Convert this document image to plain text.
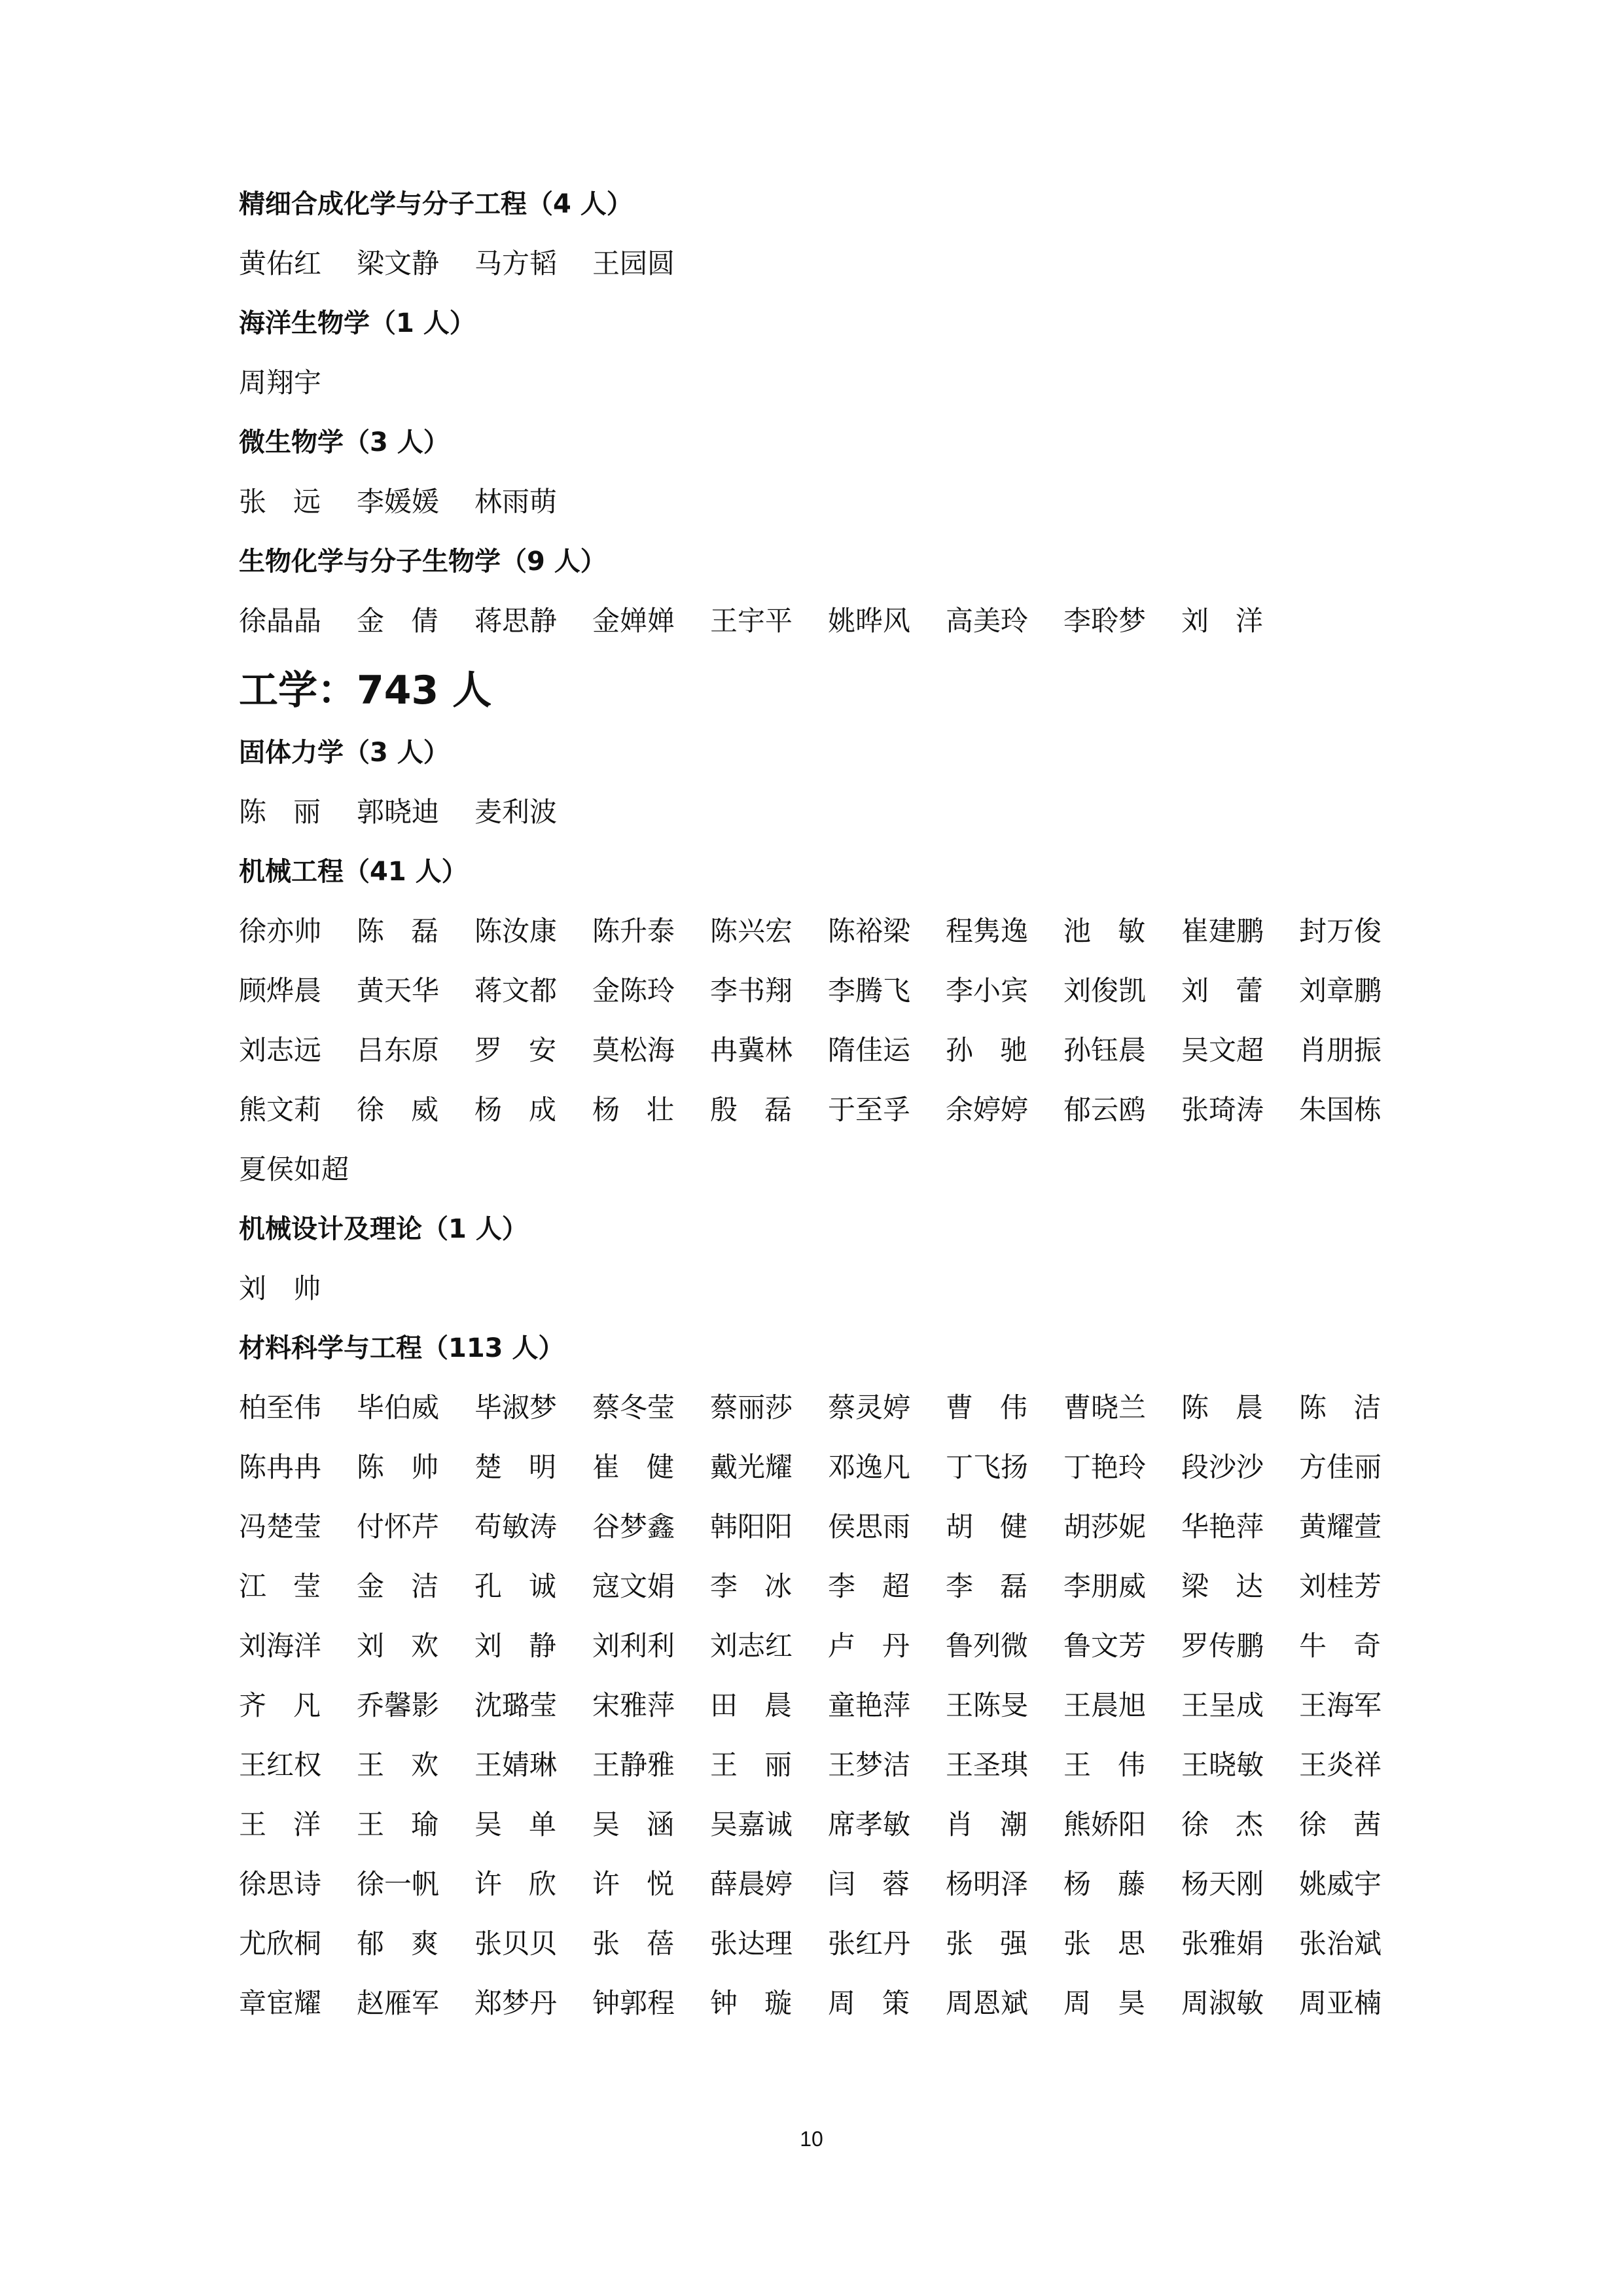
精细合成化学与分子工程（4 人）
黄佑红 梁文静 马方韬 王园圆
海洋生物学（1 人）
周翔宇
微生物学（3 人）
张 远 李媛媛 林雨萌
生物化学与分子生物学（9 人）
徐晶晶 金 倩 蒋思静 金婵婵 王宇平 姚晔风 高美玲 李聆梦 刘 洋
工学：743 人
固体力学（3 人）
陈 丽 郭晓迪 麦利波
机械工程（41 人）
徐亦帅 陈 磊 陈汝康 陈升泰 陈兴宏 陈裕梁 程隽逸 池 敏 崔建鹏 封万俊
顾烨晨 黄天华 蒋文都 金陈玲 李书翔 李腾飞 李小宾 刘俊凯 刘 蕾 刘章鹏
刘志远 吕东原 罗 安 莫松海 冉冀林 隋佳运 孙 驰 孙钰晨 吴文超 肖朋振
熊文莉 徐 威 杨 成 杨 壮 殷 磊 于至孚 余婷婷 郁云鸥 张琦涛 朱国栋
夏侯如超
机械设计及理论（1 人）
刘 帅
材料科学与工程（113 人）
柏至伟 毕伯威 毕淑梦 蔡冬莹 蔡丽莎 蔡灵婷 曹 伟 曹晓兰 陈 晨 陈 洁
陈冉冉 陈 帅 楚 明 崔 健 戴光耀 邓逸凡 丁飞扬 丁艳玲 段沙沙 方佳丽
冯楚莹 付怀芹 苟敏涛 谷梦鑫 韩阳阳 侯思雨 胡 健 胡莎妮 华艳萍 黄耀萱
江 莹 金 洁 孔 诚 寇文娟 李 冰 李 超 李 磊 李朋威 梁 达 刘桂芳
刘海洋 刘 欢 刘 静 刘利利 刘志红 卢 丹 鲁列微 鲁文芳 罗传鹏 牛 奇
齐 凡 乔馨影 沈璐莹 宋雅萍 田 晨 童艳萍 王陈旻 王晨旭 王呈成 王海军
王红权 王 欢 王婧琳 王静雅 王 丽 王梦洁 王圣琪 王 伟 王晓敏 王炎祥
王 洋 王 瑜 吴 单 吴 涵 吴嘉诚 席孝敏 肖 潮 熊娇阳 徐 杰 徐 茜
徐思诗 徐一帆 许 欣 许 悦 薛晨婷 闫 蓉 杨明泽 杨 藤 杨天刚 姚威宇
尤欣桐 郁 爽 张贝贝 张 蓓 张达理 张红丹 张 强 张 思 张雅娟 张治斌
章宦耀 赵雁军 郑梦丹 钟郭程 钟 璇 周 策 周恩斌 周 昊 周淑敏 周亚楠
10
